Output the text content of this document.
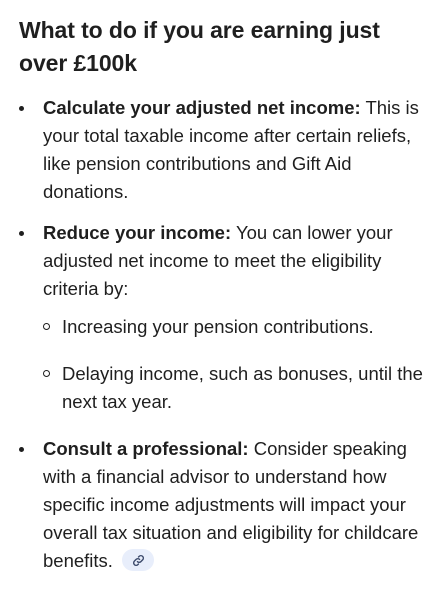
What to do if you are earning just over £100k
Calculate your adjusted net income: This is your total taxable income after certain reliefs, like pension contributions and Gift Aid donations.
Reduce your income: You can lower your adjusted net income to meet the eligibility criteria by:
Increasing your pension contributions.
Delaying income, such as bonuses, until the next tax year.
Consult a professional: Consider speaking with a financial advisor to understand how specific income adjustments will impact your overall tax situation and eligibility for childcare benefits.
